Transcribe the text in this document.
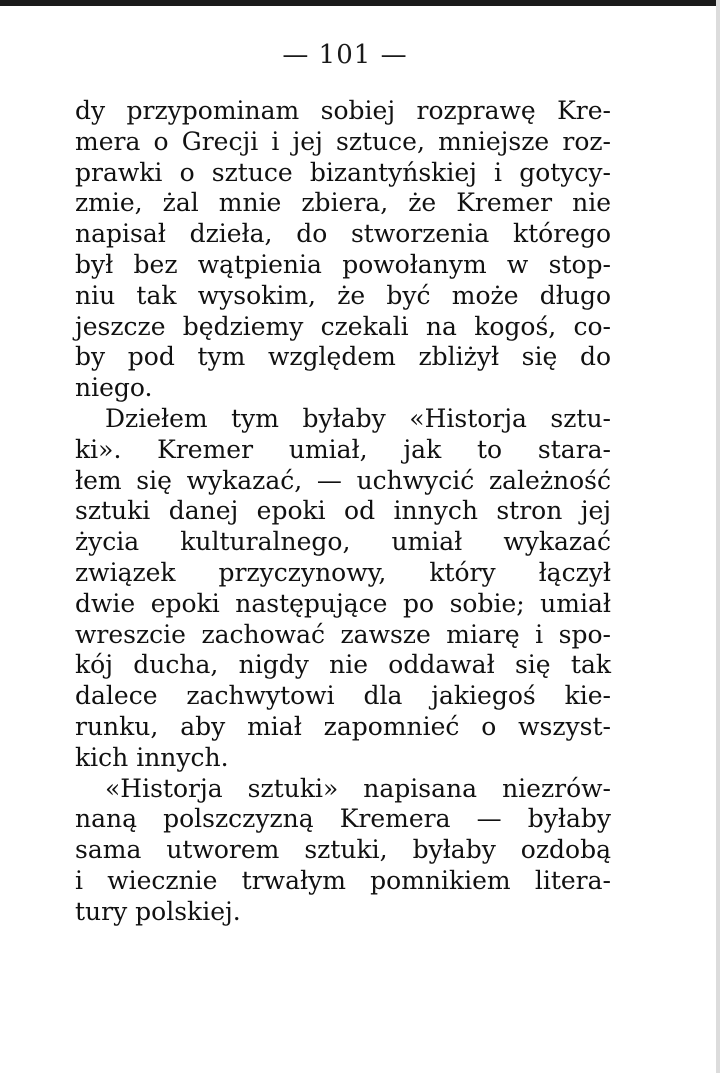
— 101 —
dy przypominam sobiej rozprawę Kre-
mera o Grecji i jej sztuce, mniejsze roz-
prawki o sztuce bizantyńskiej i gotycy-
zmie, żal mnie zbiera, że Kremer nie
napisał dzieła, do stworzenia którego
był bez wątpienia powołanym w stop-
niu tak wysokim, że być może długo
jeszcze będziemy czekali na kogoś, co-
by pod tym względem zbliżył się do
niego.
Dziełem tym byłaby «Historja sztu-
ki». Kremer umiał, jak to stara-
łem się wykazać, — uchwycić zależność
sztuki danej epoki od innych stron jej
życia kulturalnego, umiał wykazać
związek przyczynowy, który łączył
dwie epoki następujące po sobie; umiał
wreszcie zachować zawsze miarę i spo-
kój ducha, nigdy nie oddawał się tak
dalece zachwytowi dla jakiegoś kie-
runku, aby miał zapomnieć o wszyst-
kich innych.
«Historja sztuki» napisana niezrów-
naną polszczyzną Kremera — byłaby
sama utworem sztuki, byłaby ozdobą
i wiecznie trwałym pomnikiem litera-
tury polskiej.
